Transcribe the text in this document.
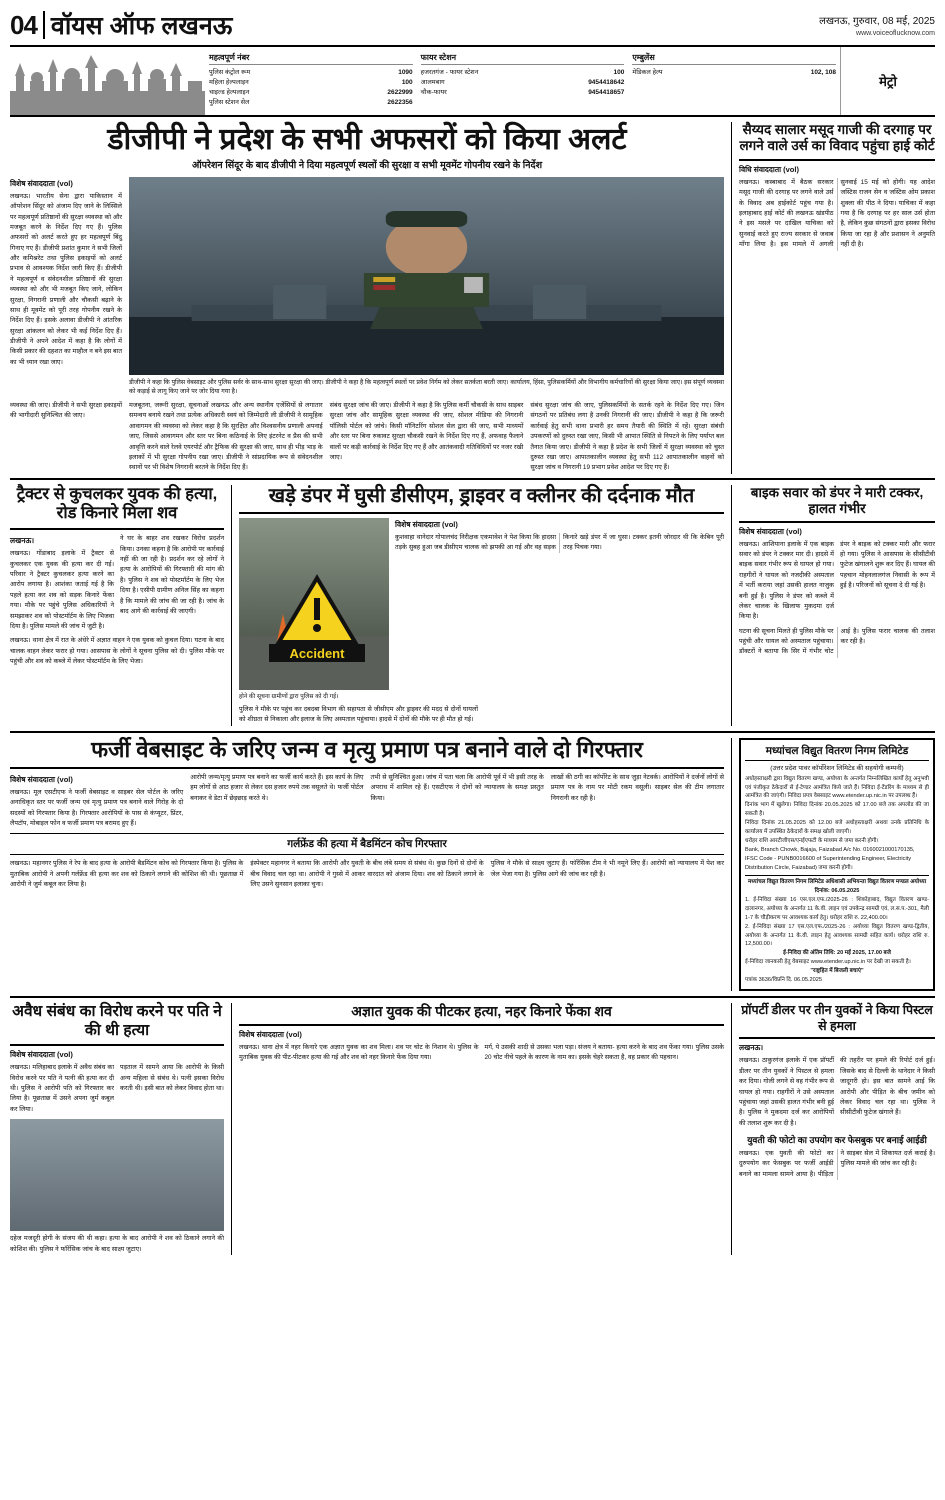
04 वॉयस ऑफ लखनऊ	लखनऊ, गुरुवार, 08 मई, 2025
www.voiceoflucknow.com
महत्वपूर्ण नंबर
पुलिस कंट्रोल रूम	1090
महिला हेल्पलाइन	100
चाइल्ड हेल्पलाइन	2622999
पुलिस स्टेशन सेल	2622356
फायर स्टेशन
हजरतगंज - फायर स्टेशन	100
आलमबाग	9454418642
चौक-फायर	9454418657
एम्बुलेंस
मेडिकल हेल्प	102, 108
मेट्रो
डीजीपी ने प्रदेश के सभी अफसरों को किया अलर्ट
ऑपरेशन सिंदूर के बाद डीजीपी ने दिया महत्वपूर्ण स्थलों की सुरक्षा व सभी मूवमेंट गोपनीय रखने के निर्देश
विशेष संवाददाता (vol)
लखनऊ। भारतीय सेना द्वारा पाकिस्तान में ऑपरेशन सिंदूर को अंजाम दिए जाने के लिस्सिले पर महत्वपूर्ण प्रतिष्ठानों की सुरक्षा व्यवस्था को और मजबूत करने के निर्देश दिए गए हैं। पुलिस अफसरों को अलर्ट करते हुए हर महत्वपूर्ण बिंदु गिनाए गए हैं। डीजीपी प्रशांत कुमार ने सभी जिलों और कमिश्नरेट तथा पुलिस इकाइयों को अलर्ट प्रभाव से आवश्यक निर्देश जारी किए हैं। डीजीपी ने महत्वपूर्ण व संवेदनशील प्रतिष्ठानों की सुरक्षा व्यवस्था को और भी मजबूत किए जाने, लोकिन सुरक्षा, निगरानी प्रणाली और चौकसी बढ़ाने के साथ ही मूवमेंट को पूरी तरह गोपनीय रखने के निर्देश दिए हैं। इसके अलावा डीजीपी ने आंतरिक सुरक्षा आंकलन को लेकर भी कई निर्देश दिए हैं। डीजीपी ने अपने आदेश में कहा है कि लोगों में किसी प्रकार की दहशत का माहौल न बने इस बात का भी ध्यान रखा जाए।
डीजीपी ने कहा कि पुलिस वेबसाइट और पुलिस सर्वर के साथ-साथ सुरक्षा सुरक्षा की जाए। डीजीपी ने कहा है कि महत्वपूर्ण स्थलों पर प्रवेश निर्गम को लेकर सतर्कता बरती जाए। कार्यालय, हिंसा, पुलिसकर्मियों और विभागीय कर्मचारियों की सुरक्षा किया जाए। इस संपूर्ण व्यवस्था को कड़ाई से लागू किए जाने पर जोर दिया गया है।
व्यवस्था की जाए। डीजीपी ने सभी सुरक्षा इकाइयों की भागीदारी सुनिश्चित की जाए।
मजबूतना, जरूरी सुरक्षा, सूचनाओं लखनऊ और अन्य स्थानीय एजेंसियों से लगातार समन्वय बनाये रखने तथा प्रत्येक अधिकारी स्वयं को जिम्मेदारी ली डीजीपी ने सामूहिक आवागमन की व्यवस्था को लेकर कहा है कि सुरक्षित और विश्वसनीय प्रणाली अपनाई जाए, जिससे आवागमन और स्तर पर बिना कठिनाई के लिए इंटरनेट व प्रैस की सभी आवृत्ति करने वाले रेलवे एयरपोर्ट और ट्रैफिक की सुरक्षा की जाए, साथ ही भीड़ भाड़ के इलाकों में भी सुरक्षा गोपनीय रखा जाए। डीजीपी ने सांप्रदायिक रूप से संवेदनशील स्थानों पर भी विशेष निगरानी बरतने के निर्देश दिए हैं।
संबंध सुरक्षा जांच की जाए। डीजीपी ने कहा है कि पुलिस कर्मी चौकसी के साथ साइबर सुरक्षा जांच और सामूहिक सुरक्षा व्यवस्था की जाए, सोशल मीडिया की निगरानी पॉलिसी पोर्टल को जांचे। किसी मॉनिटरिंग सोशल सेल द्वारा की जाए, सभी माध्यमों और स्तर पर बिना रुकावट सुरक्षा चौकसी रखने के निर्देश दिए गए हैं, अफवाह फैलाने वालों पर कड़ी कार्रवाई के निर्देश दिए गए हैं और आतंकवादी गतिविधियों पर नजर रखी जाए।
संबंध सुरक्षा जांच की जाए, पुलिसकर्मियों के सतर्क रहने के निर्देश दिए गए। जिन संगठनों पर प्रतिबंध लगा है उनकी निगरानी की जाए। डीजीपी ने कहा है कि जरूरी कार्रवाई हेतु सभी थाना प्रभारी हर समय तैयारी की स्थिति में रहें। सुरक्षा संबंधी उपकरणों को दुरुस्त रखा जाए, किसी भी आपात स्थिति से निपटने के लिए पर्याप्त बल तैनात किया जाए। डीजीपी ने कहा है प्रदेश के सभी जिलों में सुरक्षा व्यवस्था को चुस्त दुरुस्त रखा जाए। आपातकालीन व्यवस्था हेतु सभी 112 आपातकालीन वाहनों को सुरक्षा जांच व निगरानी 19 प्रभाग प्रवेश आदेश पर दिए गए हैं।
सैय्यद सालार मसूद गाजी की दरगाह पर लगने वाले उर्स का विवाद पहुंचा हाई कोर्ट
विधि संवाददाता (vol)
लखनऊ। कस्बाबाद में बैठक सरकार मसूद गाजी की दरगाह पर लगने वाले उर्स के विवाद अब हाईकोर्ट पहुंच गया है। इलाहाबाद हाई कोर्ट की लखनऊ खंडपीठ ने इस मसले पर दाखिल याचिका को सुनवाई करते हुए राज्य सरकार से जवाब माँगा लिया है। इस मामले में अगली सुनवाई 15 मई को होगी। यह आदेश जस्टिस राजन सेन व जस्टिस ओम प्रकाश शुक्ला की पीठ ने दिया। याचिका में कहा गया है कि दरगाह पर हर साल उर्स होता है, लेकिन कुछ संगठनों द्वारा इसका विरोध किया जा रहा है और प्रशासन ने अनुमति नहीं दी है।
ट्रैक्टर से कुचलकर युवक की हत्या, रोड किनारे मिला शव
लखनऊ।
लखनऊ। गोंडाबाद इलाके में ट्रैक्टर से कुचलकर एक युवक की हत्या कर दी गई। परिवार ने ट्रैक्टर कुचलकर हत्या करने का आरोप लगाया है। आशंका जताई गई है कि पहले हत्या कर शव को सड़क किनारे फेंका गया। मौके पर पहुंचे पुलिस अधिकारियों ने समझाकर शव को पोस्टमॉर्टम के लिए भिजवा दिया है। पुलिस मामले की जांच में जुटी है।
ने घर के बाहर शव रखकर विरोध प्रदर्शन किया। उनका कहना है कि आरोपी पर कार्रवाई नहीं की जा रही है। प्रदर्शन कर रहे लोगों ने हत्या के आरोपियों की गिरफ्तारी की मांग की है। पुलिस ने शव को पोस्टमॉर्टम के लिए भेज दिया है। एसीपी ग्रामीण अनिल सिंह का कहना है कि मामले की जांच की जा रही है। जांच के बाद आगे की कार्रवाई की जाएगी।
लखनऊ। थाना क्षेत्र में रात के अंधेरे में अज्ञात वाहन ने एक युवक को कुचल दिया। घटना के बाद चालक वाहन लेकर फरार हो गया। आसपास के लोगों ने सूचना पुलिस को दी। पुलिस मौके पर पहुंची और शव को कब्जे में लेकर पोस्टमॉर्टम के लिए भेजा।
खड़े डंपर में घुसी डीसीएम, ड्राइवर व क्लीनर की दर्दनाक मौत
Accident
होने की सूचना ग्रामीणों द्वारा पुलिस को दी गई।
विशेष संवाददाता (vol)
कुशवाहा थानेदार गोपालचंद निरीक्षक एकमावेश ने पेश किया कि हादसा तड़के सुबह हुआ जब डीसीएम चालक को झपकी आ गई और वह सड़क किनारे खड़े डंपर में जा घुसा। टक्कर इतनी जोरदार थी कि केबिन पूरी तरह पिचक गया।
पुलिस ने मौके पर पहुंच कर दबदबा विभाग की सहायता से जीसीएम और ड्राइवर की मदद से दोनों घायलों को शीघ्रता से निकाला और इलाज के लिए अस्पताल पहुंचाया। हादसे में दोनों की मौके पर ही मौत हो गई।
बाइक सवार को डंपर ने मारी टक्कर, हालत गंभीर
विशेष संवाददाता (vol)
लखनऊ। आशियाना इलाके में एक बाइक सवार को डंपर ने टक्कर मार दी। हादसे में बाइक सवार गंभीर रूप से घायल हो गया। राहगीरों ने घायल को नजदीकी अस्पताल में भर्ती कराया जहां उसकी हालत नाजुक बनी हुई है। पुलिस ने डंपर को कब्जे में लेकर चालक के खिलाफ मुकदमा दर्ज किया है।
डंपर ने बाइक को टक्कर मारी और फरार हो गया। पुलिस ने आसपास के सीसीटीवी फुटेज खंगालने शुरू कर दिए हैं। घायल की पहचान मोहनलालगंज निवासी के रूप में हुई है। परिजनों को सूचना दे दी गई है।
घटना की सूचना मिलते ही पुलिस मौके पर पहुंची और घायल को अस्पताल पहुंचाया। डॉक्टरों ने बताया कि सिर में गंभीर चोट आई है। पुलिस फरार चालक की तलाश कर रही है।
फर्जी वेबसाइट के जरिए जन्म व मृत्यु प्रमाण पत्र बनाने वाले दो गिरफ्तार
विशेष संवाददाता (vol)
लखनऊ। मूल एसटीएफ ने फर्जी वेबसाइट व साइबर सेल पोर्टल के जरिए अनाधिकृत स्तर पर फर्जी जन्म एवं मृत्यु प्रमाण पत्र बनाने वाले गिरोह के दो सदस्यों को गिरफ्तार किया है। गिरफ्तार आरोपियों के पास से कंप्यूटर, प्रिंटर, लैपटॉप, मोबाइल फोन व फर्जी प्रमाण पत्र बरामद हुए हैं।
आरोपी जन्म/मृत्यु प्रमाण पत्र बनाने का फर्जी कार्य करते हैं। इस कार्य के लिए हम लोगों से आठ हजार से लेकर दस हजार रुपये तक वसूलते थे। फर्जी पोर्टल बनाकर वे डेटा में छेड़छाड़ करते थे।
तभी से सुनिश्चित हुआ। जांच में पता चला कि आरोपी पूर्व में भी इसी तरह के अपराध में शामिल रहे हैं। एसटीएफ ने दोनों को न्यायालय के समक्ष प्रस्तुत किया।
लाखों की ठगी का कॉर्पोरेट के साथ जुड़ा नेटवर्क। आरोपियों ने दर्जनों लोगों से प्रमाण पत्र के नाम पर मोटी रकम वसूली। साइबर सेल की टीम लगातार निगरानी कर रही है।
गर्लफ्रेंड की हत्या में बैडमिंटन कोच गिरफ्तार
लखनऊ। महानगर पुलिस ने रेप के बाद हत्या के आरोपी बैडमिंटन कोच को गिरफ्तार किया है। पुलिस के मुताबिक आरोपी ने अपनी गर्लफ्रेंड की हत्या कर शव को ठिकाने लगाने की कोशिश की थी। पूछताछ में आरोपी ने जुर्म कबूल कर लिया है।
इंस्पेक्टर महानगर ने बताया कि आरोपी और युवती के बीच लंबे समय से संबंध थे। कुछ दिनों से दोनों के बीच विवाद चल रहा था। आरोपी ने गुस्से में आकर वारदात को अंजाम दिया। शव को ठिकाने लगाने के लिए उसने सुनसान इलाका चुना।
पुलिस ने मौके से साक्ष्य जुटाए हैं। फॉरेंसिक टीम ने भी नमूने लिए हैं। आरोपी को न्यायालय में पेश कर जेल भेजा गया है। पुलिस आगे की जांच कर रही है।
मध्यांचल विद्युत वितरण निगम लिमिटेड
(उत्तर प्रदेश पावर कॉर्पोरेशन लिमिटेड की सहयोगी कम्पनी)
अधोहस्ताक्षरी द्वारा विद्युत वितरण खण्ड, अयोध्या के अन्तर्गत निम्नलिखित कार्यों हेतु अनुभवी एवं पंजीकृत ठेकेदारों से ई-टेण्डर आमंत्रित किये जाते हैं। निविदा ई-टेंडरिंग के माध्यम से ही आमंत्रित की जाएंगी। निविदा प्रपत्र वेबसाइट www.etender.up.nic.in पर उपलब्ध हैं।
दिनांक भाग में खुलेगा। निविदा दिनांक 20.05.2025 को 17.00 बजे तक अपलोड की जा सकती है।
निविदा दिनांक 21.05.2025 को 12.00 बजे अधोहस्ताक्षरी अथवा उनके प्रतिनिधि के कार्यालय में उपस्थित ठेकेदारों के समक्ष खोली जाएगी।
धरोहर राशि आरटीजीएस/एनईएफटी के माध्यम से जमा करनी होगी।
Bank, Branch Chowk, Bajaja, Faizabad A/c No. 0160021000170135,
IFSC Code - PUNB0016600 of Superintending Engineer, Electricity
Distribution Circle, Faizabad) जमा करनी होगी।
मध्यांचल विद्युत वितरण निगम लिमिटेड अधिशासी अभियन्ता विद्युत वितरण मण्डल अयोध्या
दिनांक: 06.05.2025
1. ई-निविदा संख्या 16 एस.एल.एफ./2025-26 : शिकोहाबाद, विद्युत वितरण खण्ड-दालानगर, अयोध्या के अन्तर्गत 11 के.वी. लाइन एवं उपकेन्द्र सामग्री एवं, ल.स.प.-301, मैली 1-7 के चौड़ीकरण पर आवश्यक कार्य हेतु। धरोहर राशि रु. 22,400.00।
2. ई-निविदा संख्या 17 एस.एल.एफ./2025-26 : अयोध्या विद्युत वितरण खण्ड-द्वितीय, अयोध्या के अन्तर्गत 11 के.वी. लाइन हेतु आवश्यक सामग्री सहित कार्य। धरोहर राशि रु. 12,500.00।
ई-निविदा की अंतिम तिथि: 20 मई 2025, 17.00 बजे
ई-निविदा जानकारी हेतु वेबसाइट www.etender.up.nic.in पर देखी जा सकती है।
"राष्ट्रहित में बिजली बचाएं"
पत्रांक 3636/विप्रनि दि. 06.05.2025
अवैध संबंध का विरोध करने पर पति ने की थी हत्या
विशेष संवाददाता (vol)
लखनऊ। मलिहाबाद इलाके में अवैध संबंध का विरोध करने पर पति ने पत्नी की हत्या कर दी थी। पुलिस ने आरोपी पति को गिरफ्तार कर लिया है। पूछताछ में उसने अपना जुर्म कबूल कर लिया।
पड़ताल में सामने आया कि आरोपी के किसी अन्य महिला से संबंध थे। पत्नी इसका विरोध करती थी। इसी बात को लेकर विवाद होता था।
दहेज मजदूरी होगी के संजय की थी कहा। हत्या के बाद आरोपी ने शव को ठिकाने लगाने की कोशिश की। पुलिस ने फॉरेंसिक जांच के बाद साक्ष्य जुटाए।
अज्ञात युवक की पीटकर हत्या, नहर किनारे फेंका शव
विशेष संवाददाता (vol)
लखनऊ। थाना क्षेत्र में नहर किनारे एक अज्ञात युवक का शव मिला। शव पर चोट के निशान थे। पुलिस के मुताबिक युवक की पीट-पीटकर हत्या की गई और शव को नहर किनारे फेंक दिया गया।
मर्ग, ये उसकी शादी से उसका भला पड़ा। संजय ने बताया- हत्या करने के बाद शव फेंका गया। पुलिस उसके 20 चोट नीचे पहले के कारण के नाम का। इसके चेहरे सकता है, वह प्रकार की पहचान।
प्रॉपर्टी डीलर पर तीन युवकों ने किया पिस्टल से हमला
लखनऊ।
लखनऊ। ठाकुरगंज इलाके में एक प्रॉपर्टी डीलर पर तीन युवकों ने पिस्टल से हमला कर दिया। गोली लगने से वह गंभीर रूप से घायल हो गया। राहगीरों ने उसे अस्पताल पहुंचाया जहां उसकी हालत गंभीर बनी हुई है। पुलिस ने मुकदमा दर्ज कर आरोपियों की तलाश शुरू कर दी है।
की तहरीर पर हमले की रिपोर्ट दर्ज हुई। जिसके बाद से दिल्ली के थानेदार ने किसी जादूगरी हो। इस बात सामने आई कि आरोपी और पीड़ित के बीच जमीन को लेकर विवाद चल रहा था। पुलिस ने सीसीटीवी फुटेज खंगाले हैं।
युवती की फोटो का उपयोग कर फेसबुक पर बनाई आईडी
लखनऊ। एक युवती की फोटो का दुरुपयोग कर फेसबुक पर फर्जी आईडी बनाने का मामला सामने आया है। पीड़िता ने साइबर सेल में शिकायत दर्ज कराई है। पुलिस मामले की जांच कर रही है।
